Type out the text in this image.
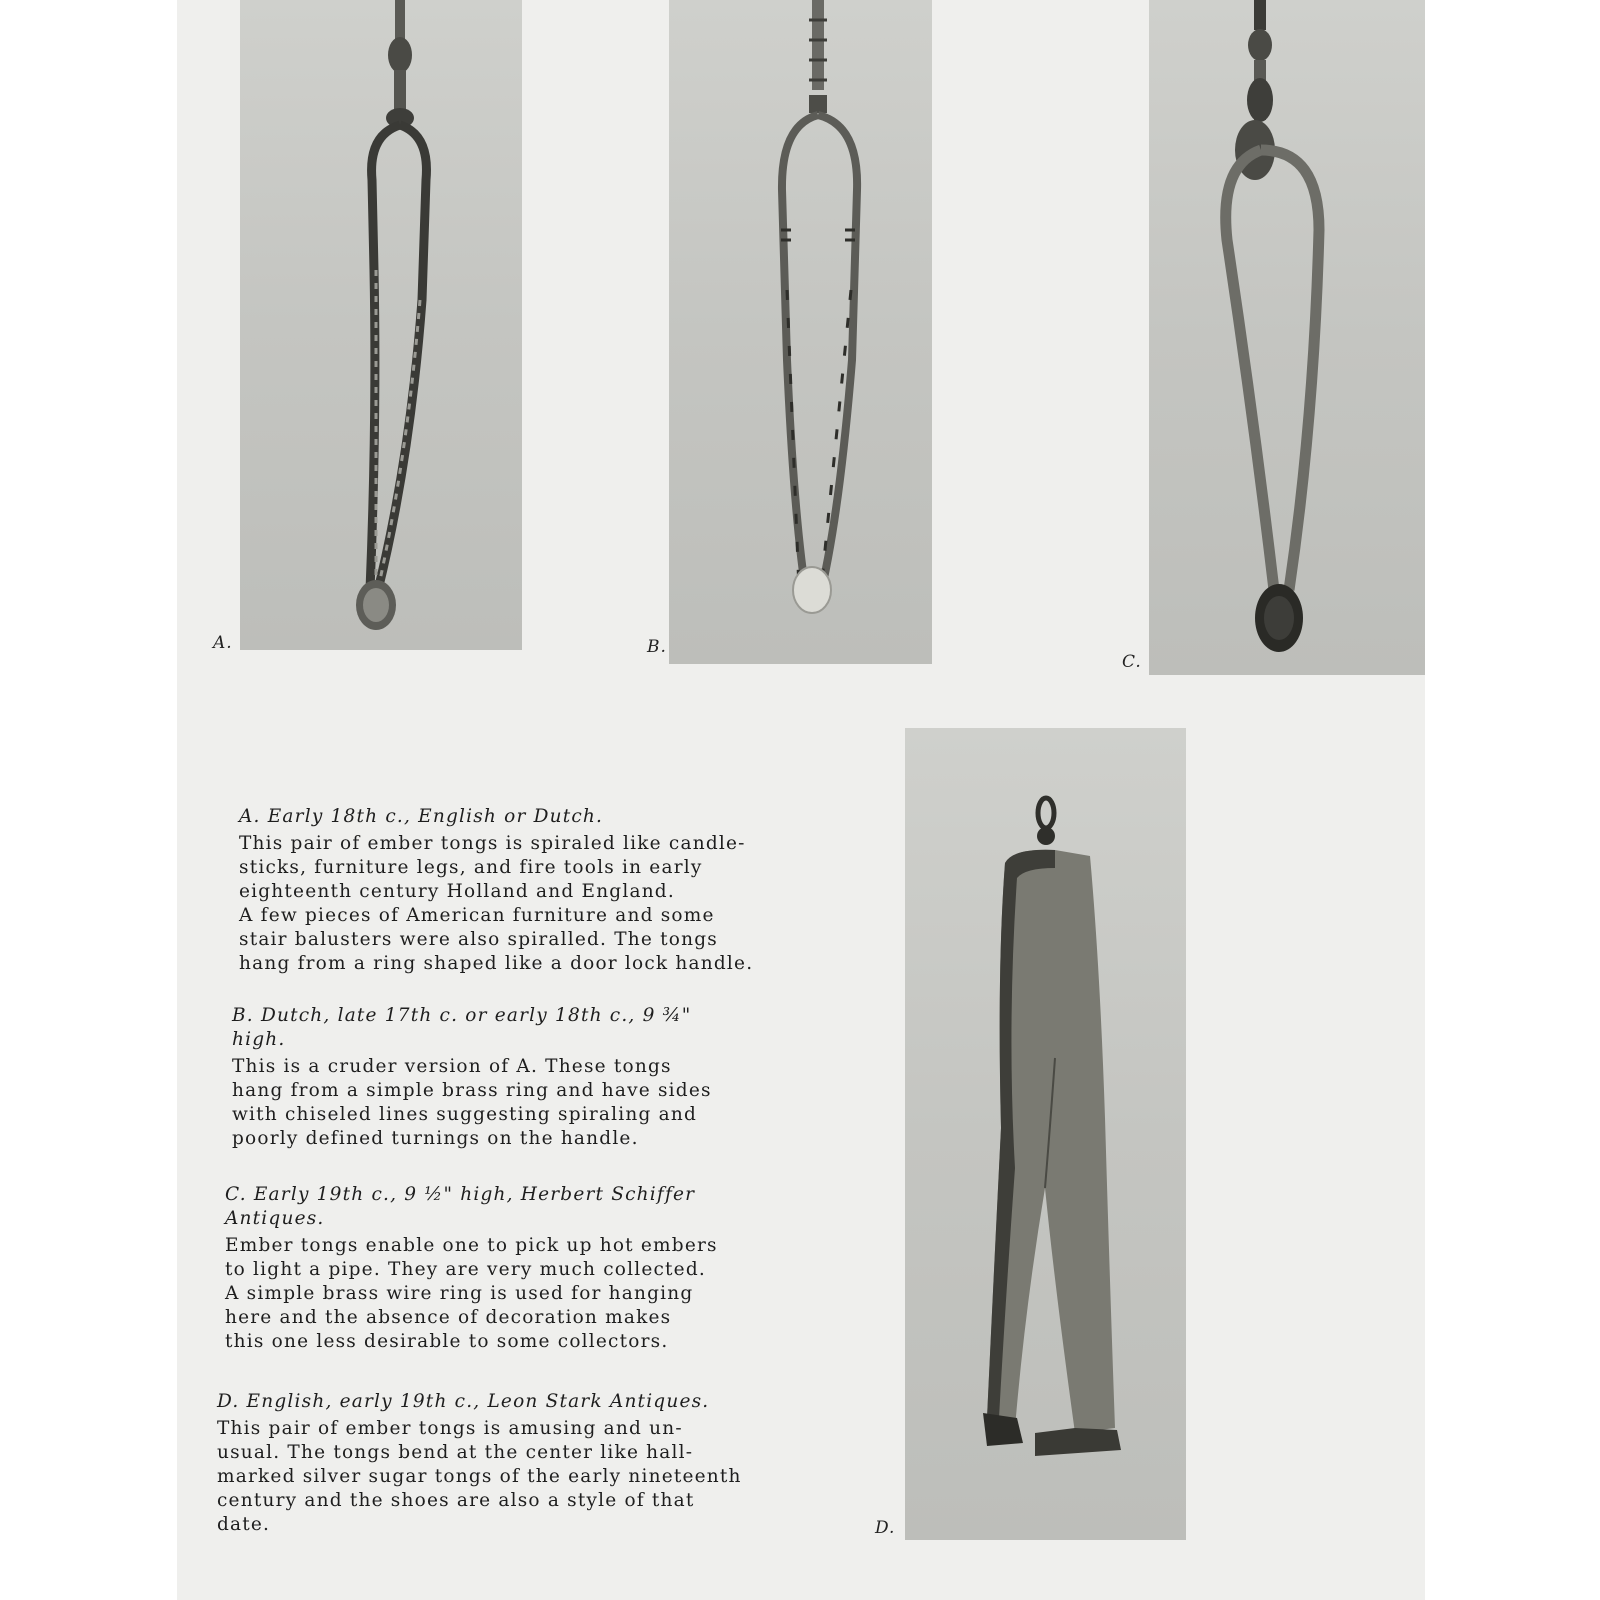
A.	B.
C.
D.
A. Early 18th c., English or Dutch.

This pair of ember tongs is spiraled like candle-
sticks, furniture legs, and fire tools in early
eighteenth century Holland and England.
A few pieces of American furniture and some
stair balusters were also spiralled. The tongs
hang from a ring shaped like a door lock handle.

B. Dutch, late 17th c. or early 18th c., 9 ¾"
high.

This is a cruder version of A. These tongs
hang from a simple brass ring and have sides
with chiseled lines suggesting spiraling and
poorly defined turnings on the handle.

C. Early 19th c., 9 ½" high, Herbert Schiffer
Antiques.

Ember tongs enable one to pick up hot embers
to light a pipe. They are very much collected.
A simple brass wire ring is used for hanging
here and the absence of decoration makes
this one less desirable to some collectors.

D. English, early 19th c., Leon Stark Antiques.

This pair of ember tongs is amusing and un-
usual. The tongs bend at the center like hall-
marked silver sugar tongs of the early nineteenth
century and the shoes are also a style of that
date.
